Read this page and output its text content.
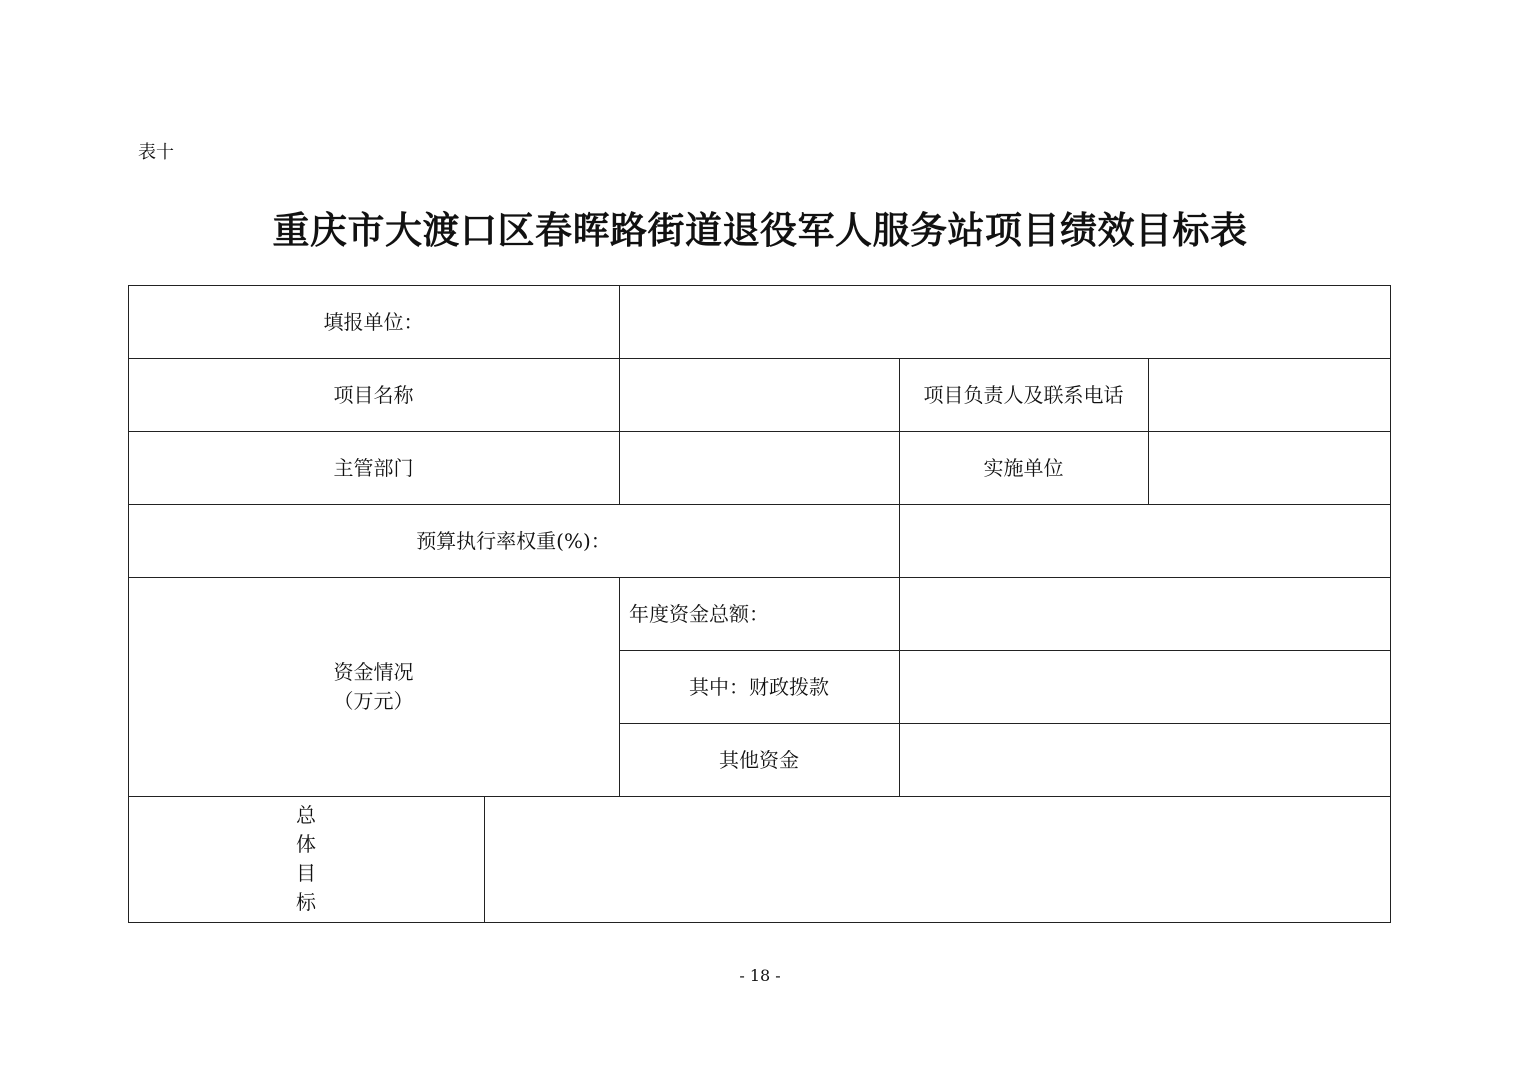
表十
重庆市大渡口区春晖路街道退役军人服务站项目绩效目标表
填报单位：
项目名称	项目负责人及联系电话
主管部门	实施单位
预算执行率权重(%)：
资金情况
（万元）
年度资金总额：
其中：财政拨款
其他资金
总
体
目
标
- 18 -
